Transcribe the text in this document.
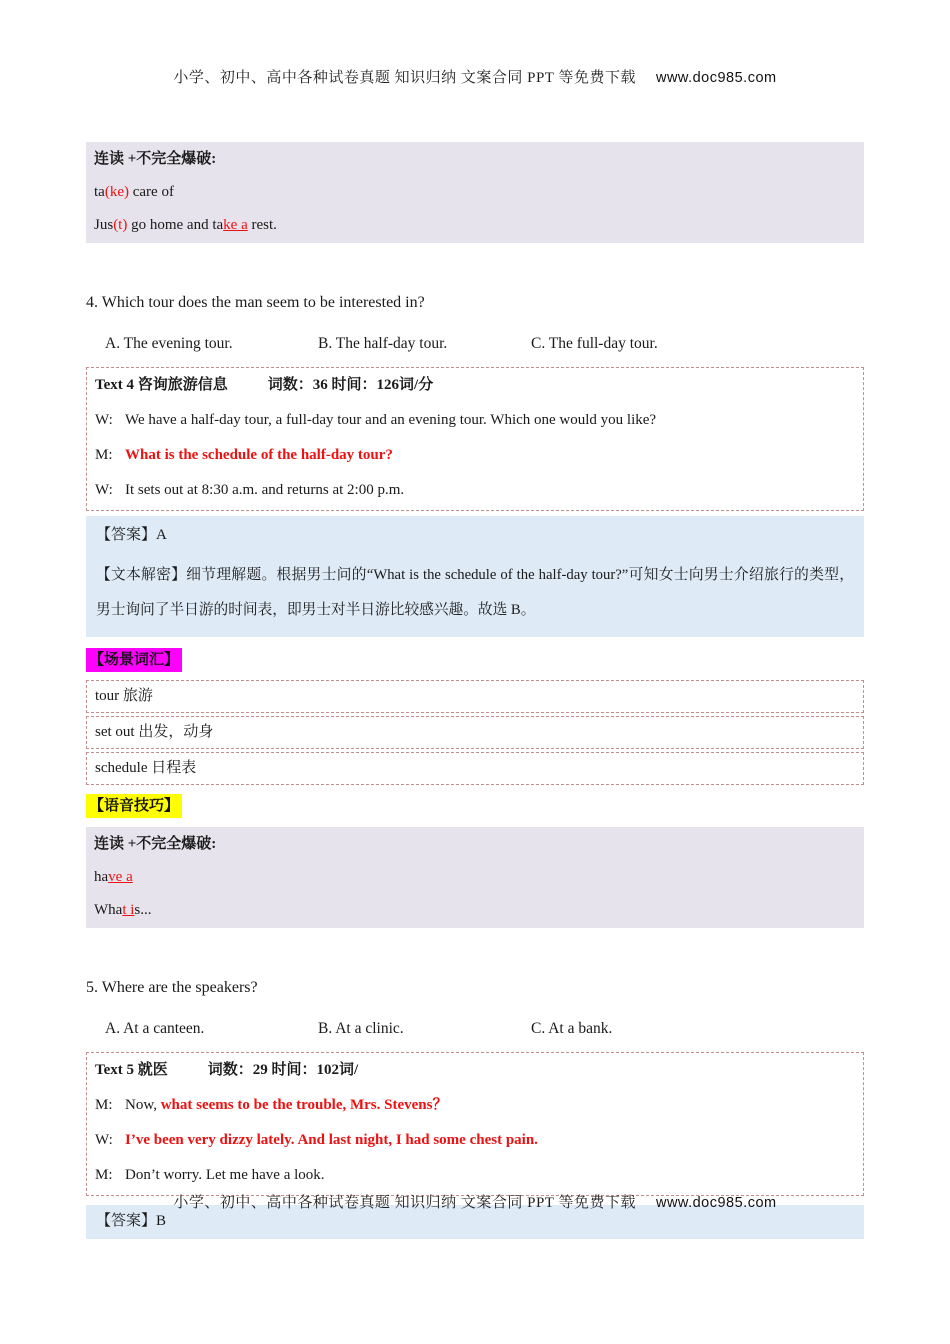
小学、初中、高中各种试卷真题 知识归纳 文案合同 PPT 等免费下载 www.doc985.com
连读 +不完全爆破:
ta(ke) care of
Jus(t) go home and take a rest.
4. Which tour does the man seem to be interested in?
A. The evening tour.	B. The half-day tour.	C. The full-day tour.
Text 4 咨询旅游信息	词数：36 时间：126词/分
W: We have a half-day tour, a full-day tour and an evening tour. Which one would you like?
M: What is the schedule of the half-day tour?
W: It sets out at 8:30 a.m. and returns at 2:00 p.m.
【答案】A

【文本解密】细节理解题。根据男士问的“What is the schedule of the half-day tour?”可知女士向男士介绍旅行的类型，男士询问了半日游的时间表，即男士对半日游比较感兴趣。故选 B。

【场景词汇】
tour 旅游
set out 出发，动身
schedule 日程表
【语音技巧】
连读 +不完全爆破:
have a
What is...
5. Where are the speakers?
A. At a canteen.	B. At a clinic.	C. At a bank.
Text 5 就医	词数：29 时间：102词/
M: Now, what seems to be the trouble, Mrs. Stevens？
W: I’ve been very dizzy lately. And last night, I had some chest pain.
M: Don’t worry. Let me have a look.
【答案】B
小学、初中、高中各种试卷真题 知识归纳 文案合同 PPT 等免费下载 www.doc985.com
